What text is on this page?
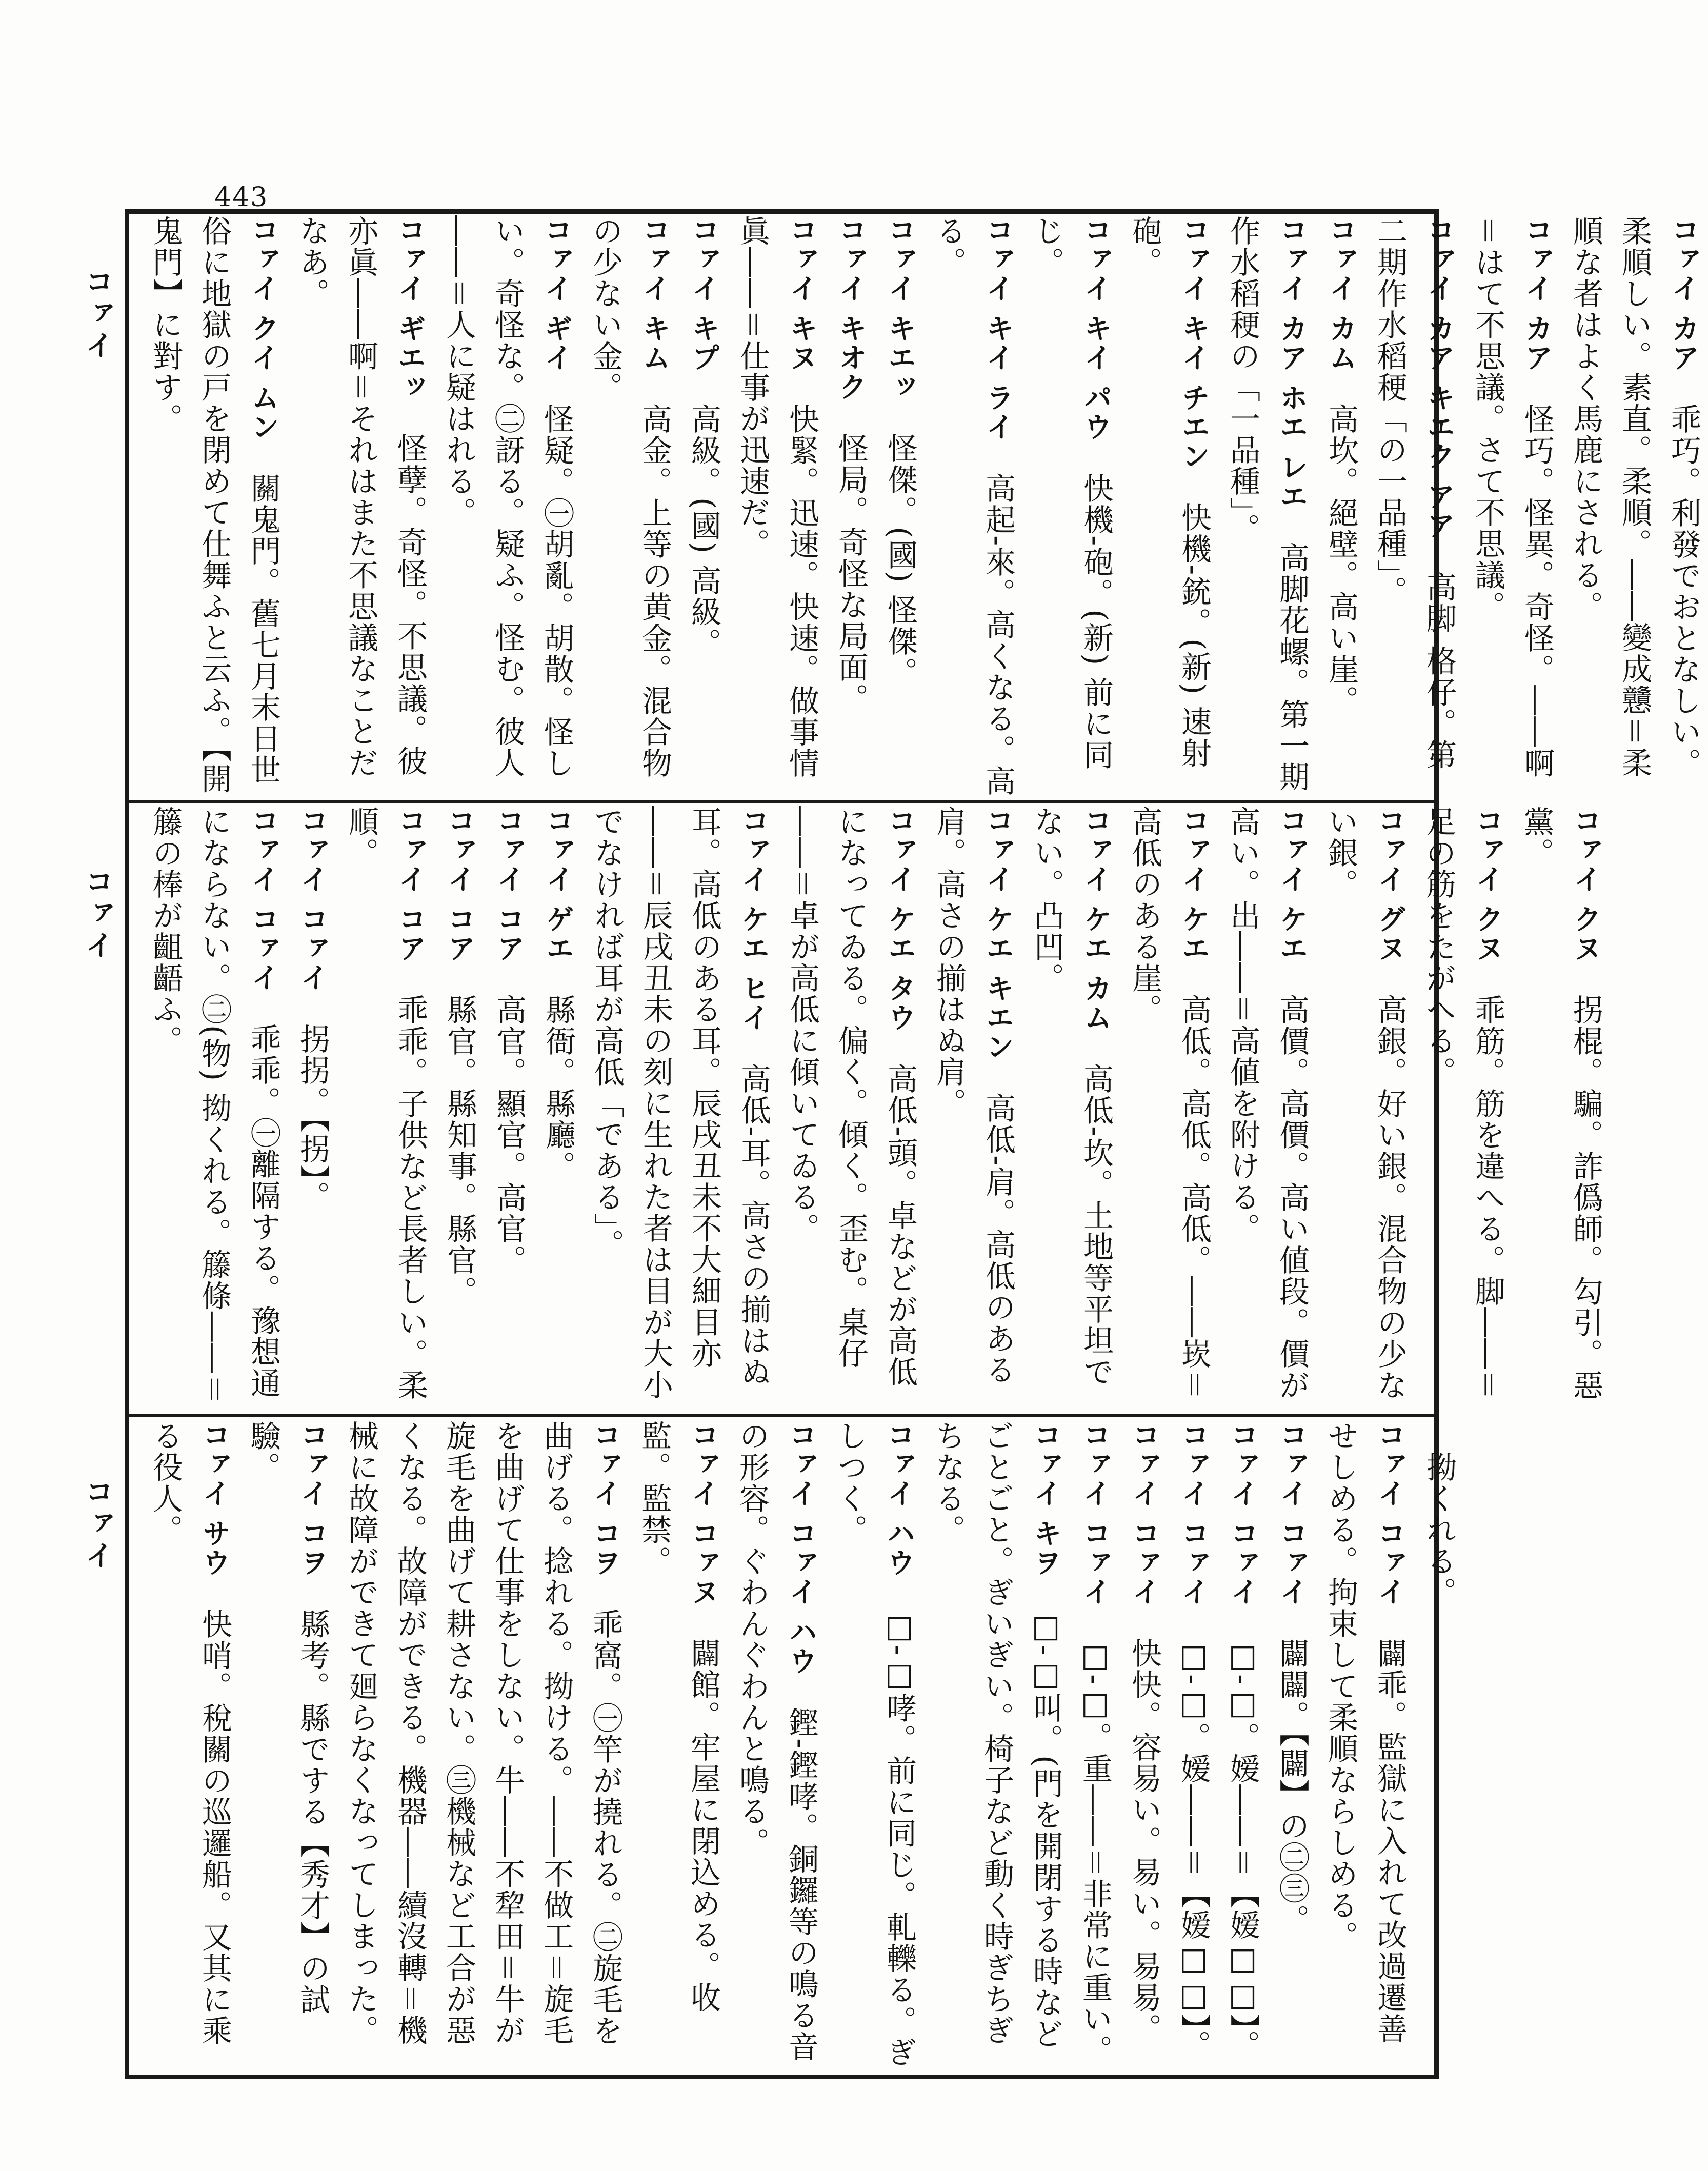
443
コァイ
コァイ
コァイ
コァイ カア　乖巧。利發でおとなしい。柔順しい。素直。柔順。――變成戇＝柔順な者はよく馬鹿にされる。
コァイ カア　怪巧。怪異。奇怪。――啊＝はて不思議。さて不思議。
コァイ カア キエク アア　高脚-格仔。第二期作水稻稉「の一品種」。
コァイ カム　高坎。絕壁。高い崖。
コァイ カア ホエ レエ　高脚花螺。第一期作水稻稉の「一品種」。
コァイ キイ チエン　快機-銃。(新) 速射砲。
コァイ キイ パウ　快機-砲。(新) 前に同じ。
コァイ キイ ライ　高起-來。高くなる。高る。
コァイ キエッ　怪傑。(國) 怪傑。
コァイ キオク　怪局。奇怪な局面。
コァイ キヌ　快緊。迅速。快速。做事情眞――＝仕事が迅速だ。
コァイ キプ　高級。(國) 高級。
コァイ キム　高金。上等の黄金。混合物の少ない金。
コァイ ギイ　怪疑。㊀胡亂。胡散。怪しい。奇怪な。㊁訝る。疑ふ。怪む。彼人――＝人に疑はれる。
コァイ ギエッ　怪孽。奇怪。不思議。彼亦眞――啊＝それはまた不思議なことだなあ。
コァイ クイ ムン　關鬼門。舊七月末日世俗に地獄の戸を閉めて仕舞ふと云ふ。【開鬼門】に對す。
コァイ クヌ　拐棍。騙。詐僞師。勾引。惡黨。
コァイ クヌ　乖筋。筋を違へる。脚――＝足の筋をたがへる。
コァイ グヌ　高銀。好い銀。混合物の少ない銀。
コァイ ケエ　高價。高價。高い値段。價が高い。出――＝高値を附ける。
コァイ ケエ　高低。高低。高低。――崁＝高低のある崖。
コァイ ケエ カム　高低-坎。土地等平坦でない。凸凹。
コァイ ケエ キエン　高低-肩。高低のある肩。高さの揃はぬ肩。
コァイ ケエ タウ　高低-頭。卓などが高低になってゐる。偏く。傾く。歪む。桌仔――＝卓が高低に傾いてゐる。
コァイ ケエ ヒイ　高低-耳。高さの揃はぬ耳。高低のある耳。辰戌丑未不大細目亦――＝辰戌丑未の刻に生れた者は目が大小でなければ耳が高低「である」。
コァイ ゲエ　縣衙。縣廳。
コァイ コア　高官。顯官。高官。
コァイ コア　縣官。縣知事。縣官。
コァイ コア　乖乖。子供など長者しい。柔順。
コァイ コァイ　拐拐。【拐】。
コァイ コァイ　乖乖。㊀離隔する。豫想通にならない。㊁(物) 拗くれる。籐條――＝籐の棒が齟齬ふ。
　拗くれる。
コァイ コァイ　闢乖。監獄に入れて改過遷善せしめる。拘束して柔順ならしめる。
コァイ コァイ　闢闢。【闢】の㊁㊂。
コァイ コァイ　□-□。嫒――＝【嫒□□】。
コァイ コァイ　□-□。嫒――＝【嫒□□】。
コァイ コァイ　快快。容易い。易い。易易。
コァイ コァイ　□-□。重――＝非常に重い。
コァイ キヲ　□-□叫。(門を開閉する時などごとごと。ぎいぎい。椅子など動く時ぎちぎちなる。
コァイ ハウ　□-□哮。前に同じ。軋轢る。ぎしつく。
コァイ コァイ ハウ　鏗-鏗哮。銅鑼等の鳴る音の形容。ぐわんぐわんと鳴る。
コァイ コァヌ　闢館。牢屋に閉込める。收監。監禁。
コァイ コヲ　乖窩。㊀竿が撓れる。㊁旋毛を曲げる。捻れる。拗ける。――不做工＝旋毛を曲げて仕事をしない。牛――不犂田＝牛が旋毛を曲げて耕さない。㊂機械など工合が惡くなる。故障ができる。機器――續沒轉＝機械に故障ができて廻らなくなってしまった。
コァイ コヲ　縣考。縣でする【秀才】の試驗。
コァイ サウ　快哨。稅關の巡邏船。又其に乘る役人。
